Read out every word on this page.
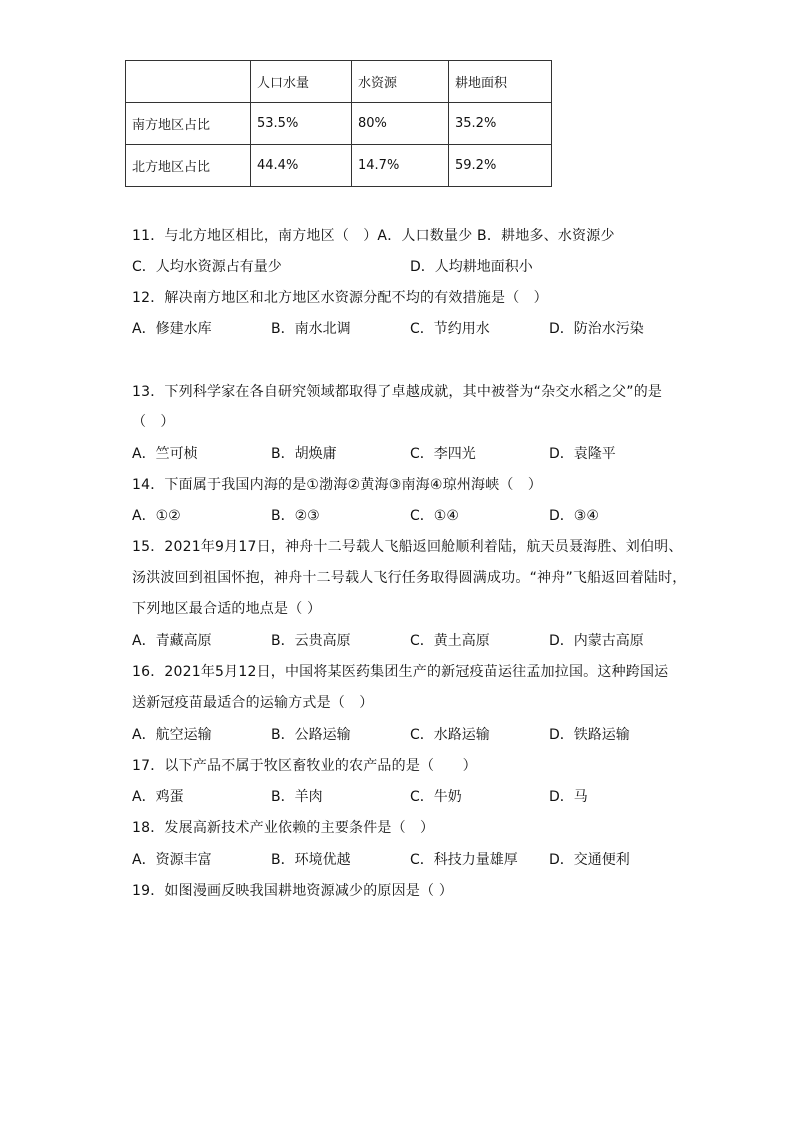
	人口水量	水资源	耕地面积
南方地区占比	53.5%	80%	35.2%
北方地区占比	44.4%	14.7%	59.2%
11．与北方地区相比，南方地区（　）A．人口数量少 B．耕地多、水资源少
C．人均水资源占有量少	D．人均耕地面积小
12．解决南方地区和北方地区水资源分配不均的有效措施是（　）
A．修建水库	B．南水北调	C．节约用水	D．防治水污染
13．下列科学家在各自研究领域都取得了卓越成就，其中被誉为“杂交水稻之父”的是
（　）
A．竺可桢	B．胡焕庸	C．李四光	D．袁隆平
14．下面属于我国内海的是①渤海②黄海③南海④琼州海峡（　）
A．①②	B．②③	C．①④	D．③④
15．2021年9月17日，神舟十二号载人飞船返回舱顺利着陆，航天员聂海胜、刘伯明、
汤洪波回到祖国怀抱，神舟十二号载人飞行任务取得圆满成功。“神舟”飞船返回着陆时，
下列地区最合适的地点是（ ）
A．青藏高原	B．云贵高原	C．黄土高原	D．内蒙古高原
16．2021年5月12日，中国将某医药集团生产的新冠疫苗运往孟加拉国。这种跨国运
送新冠疫苗最适合的运输方式是（　）
A．航空运输	B．公路运输	C．水路运输	D．铁路运输
17．以下产品不属于牧区畜牧业的农产品的是（　　）
A．鸡蛋	B．羊肉	C．牛奶	D．马
18．发展高新技术产业依赖的主要条件是（　）
A．资源丰富	B．环境优越	C．科技力量雄厚 D．交通便利
19．如图漫画反映我国耕地资源减少的原因是（ ）
